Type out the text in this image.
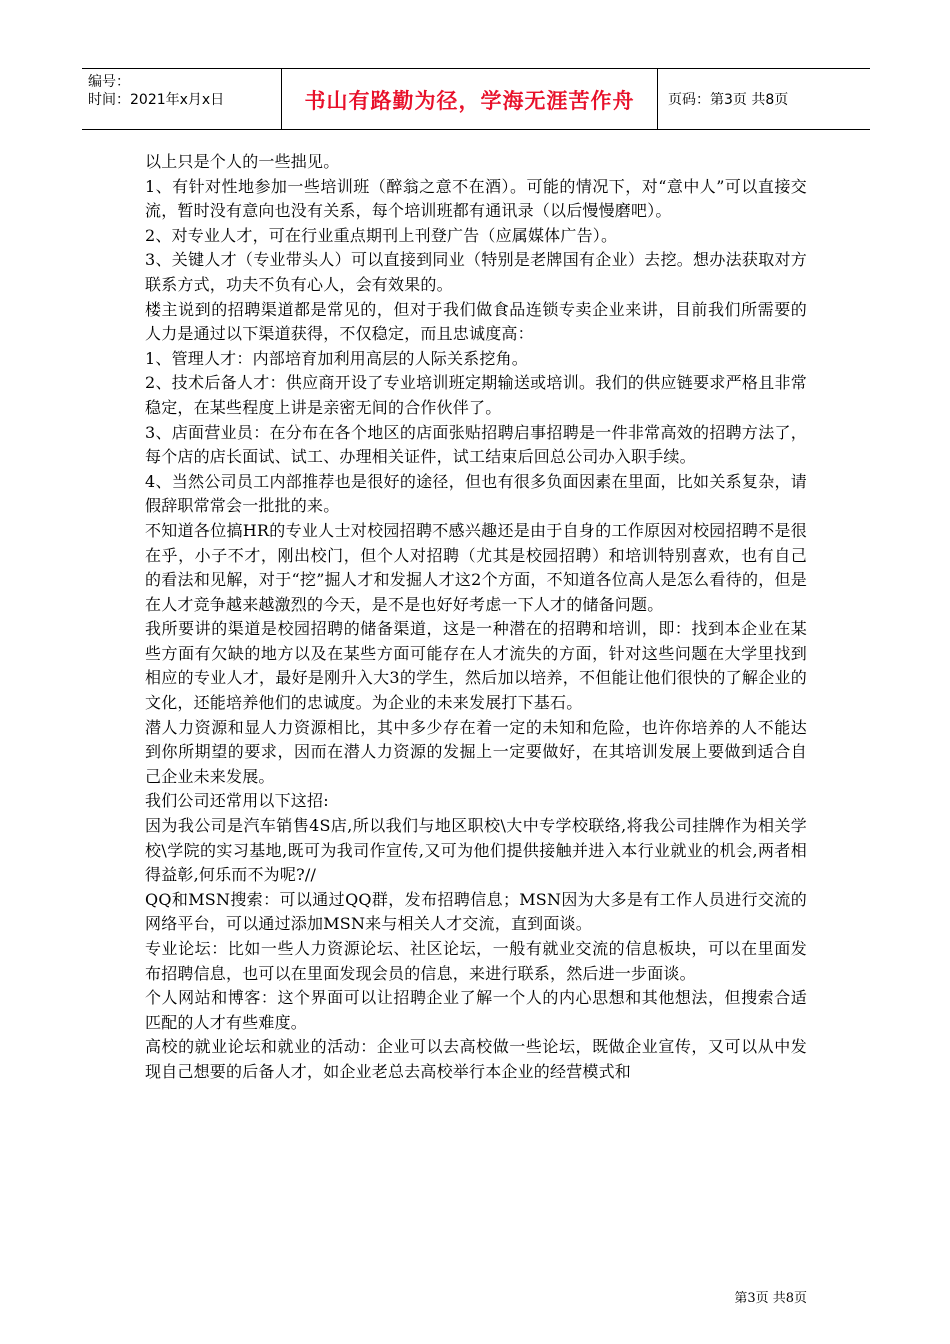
编号：
时间：2021年x月x日	书山有路勤为径，学海无涯苦作舟 页码：第3页 共8页

以上只是个人的一些拙见。

1、有针对性地参加一些培训班（醉翁之意不在酒）。可能的情况下，对“意中人”可以直接交流，暂时没有意向也没有关系，每个培训班都有通讯录（以后慢慢磨吧）。

2、对专业人才，可在行业重点期刊上刊登广告（应属媒体广告）。

3、关键人才（专业带头人）可以直接到同业（特别是老牌国有企业）去挖。想办法获取对方联系方式，功夫不负有心人，会有效果的。

楼主说到的招聘渠道都是常见的，但对于我们做食品连锁专卖企业来讲，目前我们所需要的人力是通过以下渠道获得，不仅稳定，而且忠诚度高：

1、管理人才：内部培育加利用高层的人际关系挖角。

2、技术后备人才：供应商开设了专业培训班定期输送或培训。我们的供应链要求严格且非常稳定，在某些程度上讲是亲密无间的合作伙伴了。

3、店面营业员：在分布在各个地区的店面张贴招聘启事招聘是一件非常高效的招聘方法了，每个店的店长面试、试工、办理相关证件，试工结束后回总公司办入职手续。

4、当然公司员工内部推荐也是很好的途径，但也有很多负面因素在里面，比如关系复杂，请假辞职常常会一批批的来。

不知道各位搞HR的专业人士对校园招聘不感兴趣还是由于自身的工作原因对校园招聘不是很在乎，小子不才，刚出校门，但个人对招聘（尤其是校园招聘）和培训特别喜欢，也有自己的看法和见解，对于“挖”掘人才和发掘人才这2个方面，不知道各位高人是怎么看待的，但是在人才竞争越来越激烈的今天，是不是也好好考虑一下人才的储备问题。

我所要讲的渠道是校园招聘的储备渠道，这是一种潜在的招聘和培训，即：找到本企业在某些方面有欠缺的地方以及在某些方面可能存在人才流失的方面，针对这些问题在大学里找到相应的专业人才，最好是刚升入大3的学生，然后加以培养，不但能让他们很快的了解企业的文化，还能培养他们的忠诚度。为企业的未来发展打下基石。

潜人力资源和显人力资源相比，其中多少存在着一定的未知和危险，也许你培养的人不能达到你所期望的要求，因而在潜人力资源的发掘上一定要做好，在其培训发展上要做到适合自己企业未来发展。

我们公司还常用以下这招:

因为我公司是汽车销售4S店,所以我们与地区职校\大中专学校联络,将我公司挂牌作为相关学校\学院的实习基地,既可为我司作宣传,又可为他们提供接触并进入本行业就业的机会,两者相得益彰,何乐而不为呢?//

QQ和MSN搜索：可以通过QQ群，发布招聘信息；MSN因为大多是有工作人员进行交流的网络平台，可以通过添加MSN来与相关人才交流，直到面谈。

专业论坛：比如一些人力资源论坛、社区论坛，一般有就业交流的信息板块，可以在里面发布招聘信息，也可以在里面发现会员的信息，来进行联系，然后进一步面谈。

个人网站和博客：这个界面可以让招聘企业了解一个人的内心思想和其他想法，但搜索合适匹配的人才有些难度。

高校的就业论坛和就业的活动：企业可以去高校做一些论坛，既做企业宣传，又可以从中发现自己想要的后备人才，如企业老总去高校举行本企业的经营模式和

第3页 共8页
